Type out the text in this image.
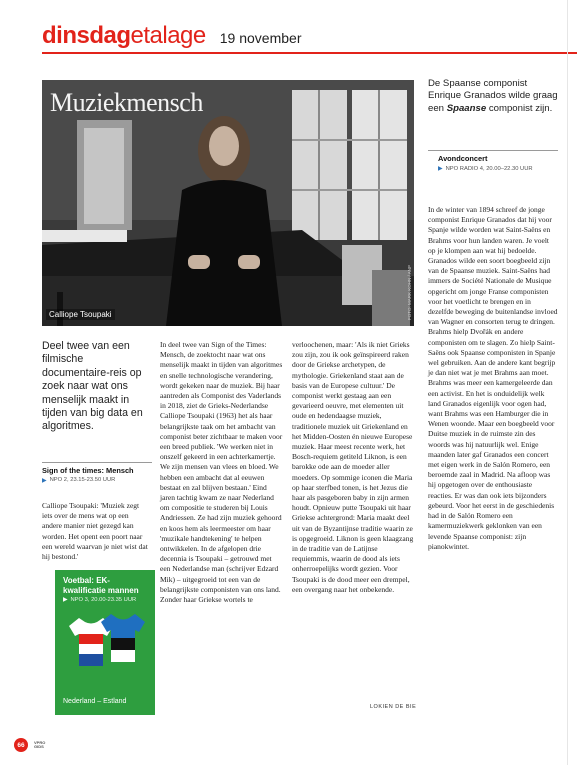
dinsdag etalage 19 november
Muziekmensch
Calliope Tsoupaki	FOTO: MARK KOHN / ANP
Deel twee van een filmische documentaire-reis op zoek naar wat ons menselijk maakt in tijden van big data en algoritmes.
Sign of the times: Mensch
▶ NPO 2, 23.15-23.50 UUR

Calliope Tsoupaki: 'Muziek zegt iets over de mens wat op een andere manier niet gezegd kan worden. Het opent een poort naar een wereld waarvan je niet wist dat hij bestond.'

Voetbal: EK-kwalificatie mannen
▶ NPO 3, 20.00-23.35 UUR
Nederland – Estland

In deel twee van Sign of the Times: Mensch, de zoektocht naar wat ons menselijk maakt in tijden van algoritmes en snelle technologische verandering, wordt gekeken naar de muziek. Bij haar aantreden als Componist des Vaderlands in 2018, ziet de Grieks-Nederlandse Calliope Tsoupaki (1963) het als haar belangrijkste taak om het ambacht van componist beter zichtbaar te maken voor een breed publiek. 'We werken niet in onszelf gekeerd in een achterkamertje. We zijn mensen van vlees en bloed. We hebben een ambacht dat al eeuwen bestaat en zal blijven bestaan.' Eind jaren tachtig kwam ze naar Nederland om compositie te studeren bij Louis Andriessen. Ze had zijn muziek gehoord en koos hem als leermeester om haar 'muzikale handtekening' te helpen ontwikkelen. In de afgelopen drie decennia is Tsoupaki – getrouwd met een Nederlandse man (schrijver Edzard Mik) – uitgegroeid tot een van de belangrijkste componisten van ons land. Zonder haar Griekse wortels te

verloochenen, maar: 'Als ik niet Grieks zou zijn, zou ik ook geïnspireerd raken door de Griekse archetypen, de mythologie. Griekenland staat aan de basis van de Europese cultuur.' De componist werkt gestaag aan een gevarieerd oeuvre, met elementen uit oude en hedendaagse muziek, traditionele muziek uit Griekenland en het Midden-Oosten én nieuwe Europese muziek. Haar meest recente werk, het Bosch-requiem getiteld Liknon, is een barokke ode aan de moeder aller moeders. Op sommige iconen die Maria op haar sterfbed tonen, is het Jezus die haar als pasgeboren baby in zijn armen houdt. Opnieuw putte Tsoupaki uit haar Griekse achtergrond: Maria maakt deel uit van de Byzantijnse traditie waarin ze is opgegroeid. Liknon is geen klaagzang in de traditie van de Latijnse requiemmis, waarin de dood als iets onherroepelijks wordt gezien. Voor Tsoupaki is de dood meer een drempel, een overgang naar het onbekende.

LOKIEN DE BIE
De Spaanse componist Enrique Granados wilde graag een Spaanse componist zijn.
Avondconcert
▶ NPO RADIO 4, 20.00–22.30 UUR

In de winter van 1894 schreef de jonge componist Enrique Granados dat hij voor Spanje wilde worden wat Saint-Saëns en Brahms voor hun landen waren. Je voelt op je klompen aan wat hij bedoelde. Granados wilde een soort boegbeeld zijn van de Spaanse muziek. Saint-Saëns had immers de Société Nationale de Musique opgericht om jonge Franse componisten voor het voetlicht te brengen en in dezelfde beweging de buitenlandse invloed van Wagner en consorten terug te dringen. Brahms hielp Dvořák en andere componisten om te slagen. Zo hielp Saint-Saëns ook Spaanse componisten in Spanje wel gebruiken. Aan de andere kant begrijp je dan niet wat je met Brahms aan moet. Brahms was meer een kamergeleerde dan een activist. En het is onduidelijk welk land Granados eigenlijk voor ogen had, want Brahms was een Hamburger die in Wenen woonde. Maar een boegbeeld voor Duitse muziek in de ruimste zin des woords was hij natuurlijk wel. Enige maanden later gaf Granados een concert met eigen werk in de Salón Romero, een beroemde zaal in Madrid. Na afloop was hij opgetogen over de enthousiaste reacties. Er was dan ook iets bijzonders gebeurd. Voor het eerst in de geschiedenis had in de Salón Romero een kamermuziekwerk geklonken van een levende Spaanse componist: zijn pianokwintet.

66	VPRO GIDS
